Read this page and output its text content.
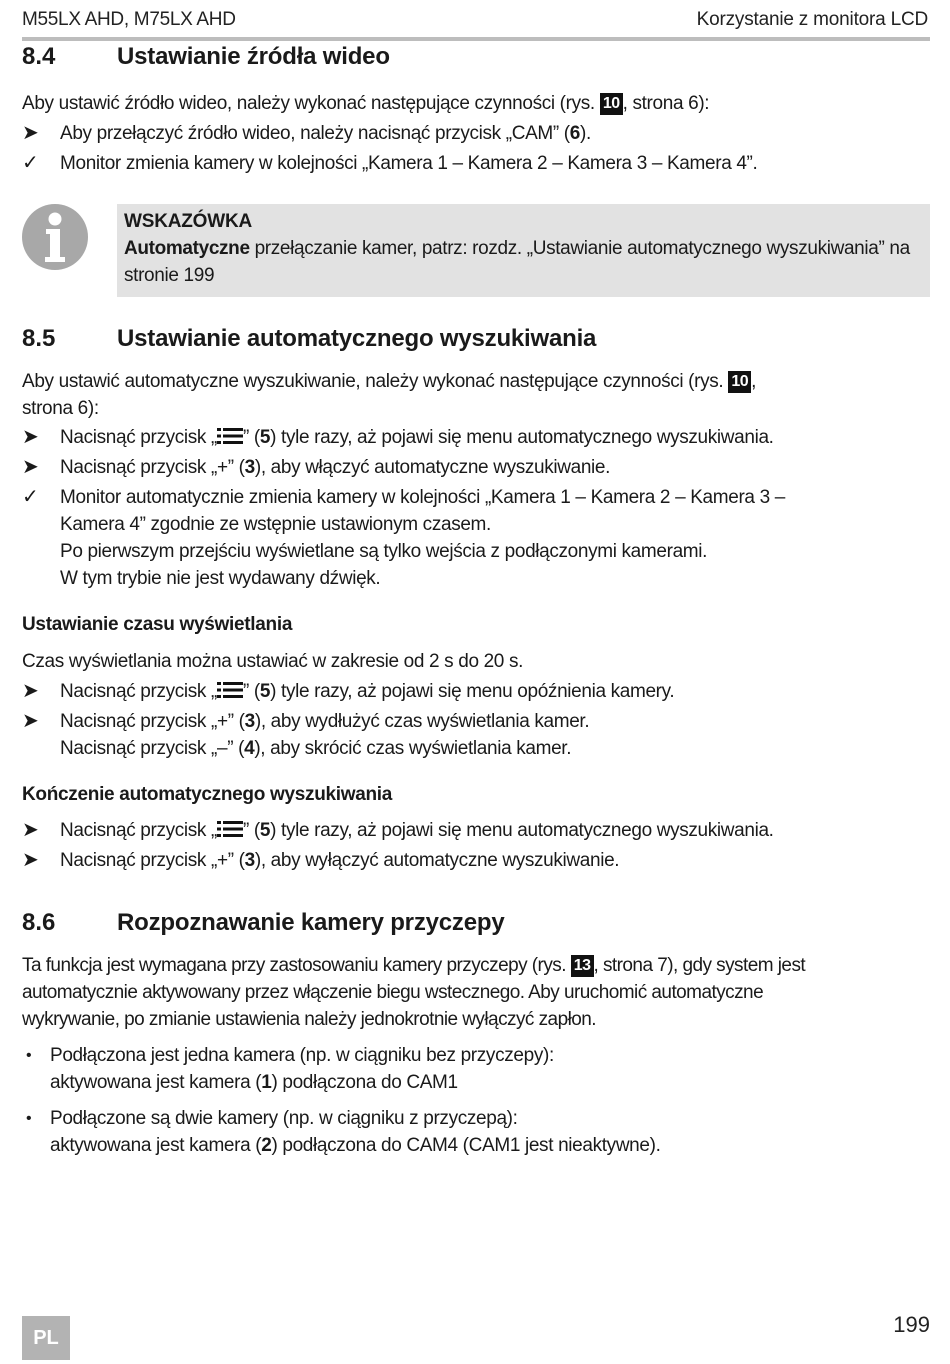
M55LX AHD, M75LX AHD	Korzystanie z monitora LCD
8.4	Ustawianie źródła wideo
Aby ustawić źródło wideo, należy wykonać następujące czynności (rys. 10 , strona 6):
➤	Aby przełączyć źródło wideo, należy nacisnąć przycisk „CAM” (6).
✓	Monitor zmienia kamery w kolejności „Kamera 1 – Kamera 2 – Kamera 3 – Kamera 4”.
WSKAZÓWKA
Automatyczne przełączanie kamer, patrz: rozdz. „Ustawianie automatycznego wyszukiwania” na stronie 199
8.5	Ustawianie automatycznego wyszukiwania
Aby ustawić automatyczne wyszukiwanie, należy wykonać następujące czynności (rys. 10 ,
strona 6):
➤	Nacisnąć przycisk „ ” (5) tyle razy, aż pojawi się menu automatycznego wyszukiwania.
➤	Nacisnąć przycisk „+” (3), aby włączyć automatyczne wyszukiwanie.
✓	Monitor automatycznie zmienia kamery w kolejności „Kamera 1 – Kamera 2 – Kamera 3 –
Kamera 4” zgodnie ze wstępnie ustawionym czasem.
Po pierwszym przejściu wyświetlane są tylko wejścia z podłączonymi kamerami.
W tym trybie nie jest wydawany dźwięk.
Ustawianie czasu wyświetlania
Czas wyświetlania można ustawiać w zakresie od 2 s do 20 s.
➤	Nacisnąć przycisk „ ” (5) tyle razy, aż pojawi się menu opóźnienia kamery.
➤	Nacisnąć przycisk „+” (3), aby wydłużyć czas wyświetlania kamer.
Nacisnąć przycisk „–” (4), aby skrócić czas wyświetlania kamer.
Kończenie automatycznego wyszukiwania
➤	Nacisnąć przycisk „ ” (5) tyle razy, aż pojawi się menu automatycznego wyszukiwania.
➤	Nacisnąć przycisk „+” (3), aby wyłączyć automatyczne wyszukiwanie.
8.6	Rozpoznawanie kamery przyczepy
Ta funkcja jest wymagana przy zastosowaniu kamery przyczepy (rys. 13 , strona 7), gdy system jest
automatycznie aktywowany przez włączenie biegu wstecznego. Aby uruchomić automatyczne
wykrywanie, po zmianie ustawienia należy jednokrotnie wyłączyć zapłon.
• Podłączona jest jedna kamera (np. w ciągniku bez przyczepy):
aktywowana jest kamera (1) podłączona do CAM1
• Podłączone są dwie kamery (np. w ciągniku z przyczepą):
aktywowana jest kamera (2) podłączona do CAM4 (CAM1 jest nieaktywne).
PL
199
